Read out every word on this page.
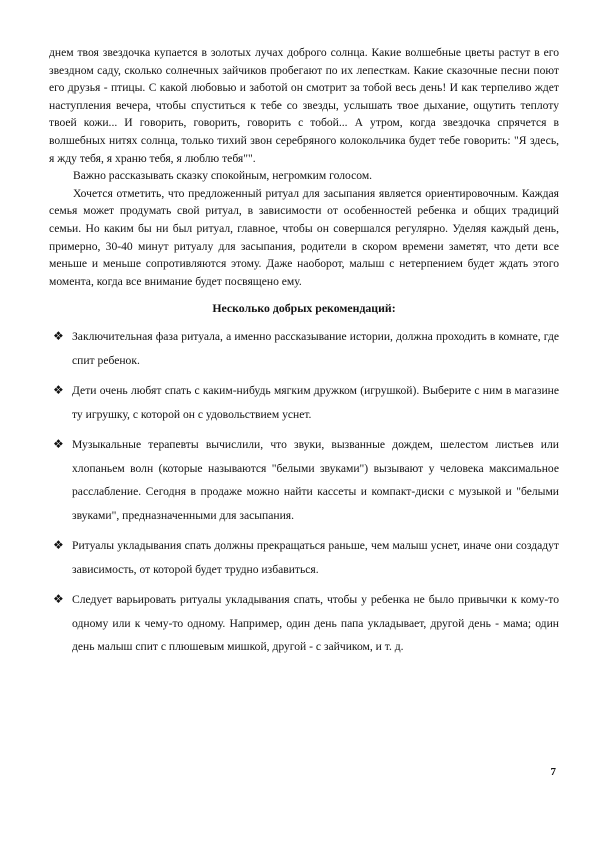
днем твоя звездочка купается в золотых лучах доброго солнца. Какие волшебные цветы растут в его звездном саду, сколько солнечных зайчиков пробегают по их лепесткам. Какие сказочные песни поют его друзья - птицы. С какой любовью и заботой он смотрит за тобой весь день! И как терпеливо ждет наступления вечера, чтобы спуститься к тебе со звезды, услышать твое дыхание, ощутить теплоту твоей кожи... И говорить, говорить, говорить с тобой... А утром, когда звездочка спрячется в волшебных нитях солнца, только тихий звон серебряного колокольчика будет тебе говорить: "Я здесь, я жду тебя, я храню тебя, я люблю тебя"".

Важно рассказывать сказку спокойным, негромким голосом.

Хочется отметить, что предложенный ритуал для засыпания является ориентировочным. Каждая семья может продумать свой ритуал, в зависимости от особенностей ребенка и общих традиций семьи. Но каким бы ни был ритуал, главное, чтобы он совершался регулярно. Уделяя каждый день, примерно, 30-40 минут ритуалу для засыпания, родители в скором времени заметят, что дети все меньше и меньше сопротивляются этому. Даже наоборот, малыш с нетерпением будет ждать этого момента, когда все внимание будет посвящено ему.

Несколько добрых рекомендаций:
❖ Заключительная фаза ритуала, а именно рассказывание истории, должна проходить в комнате, где спит ребенок.
❖ Дети очень любят спать с каким-нибудь мягким дружком (игрушкой). Выберите с ним в магазине ту игрушку, с которой он с удовольствием уснет.
❖ Музыкальные терапевты вычислили, что звуки, вызванные дождем, шелестом листьев или хлопаньем волн (которые называются "белыми звуками") вызывают у человека максимальное расслабление. Сегодня в продаже можно найти кассеты и компакт-диски с музыкой и "белыми звуками", предназначенными для засыпания.
❖ Ритуалы укладывания спать должны прекращаться раньше, чем малыш уснет, иначе они создадут зависимость, от которой будет трудно избавиться.
❖ Следует варьировать ритуалы укладывания спать, чтобы у ребенка не было привычки к кому-то одному или к чему-то одному. Например, один день папа укладывает, другой день - мама; один день малыш спит с плюшевым мишкой, другой - с зайчиком, и т. д.
7
